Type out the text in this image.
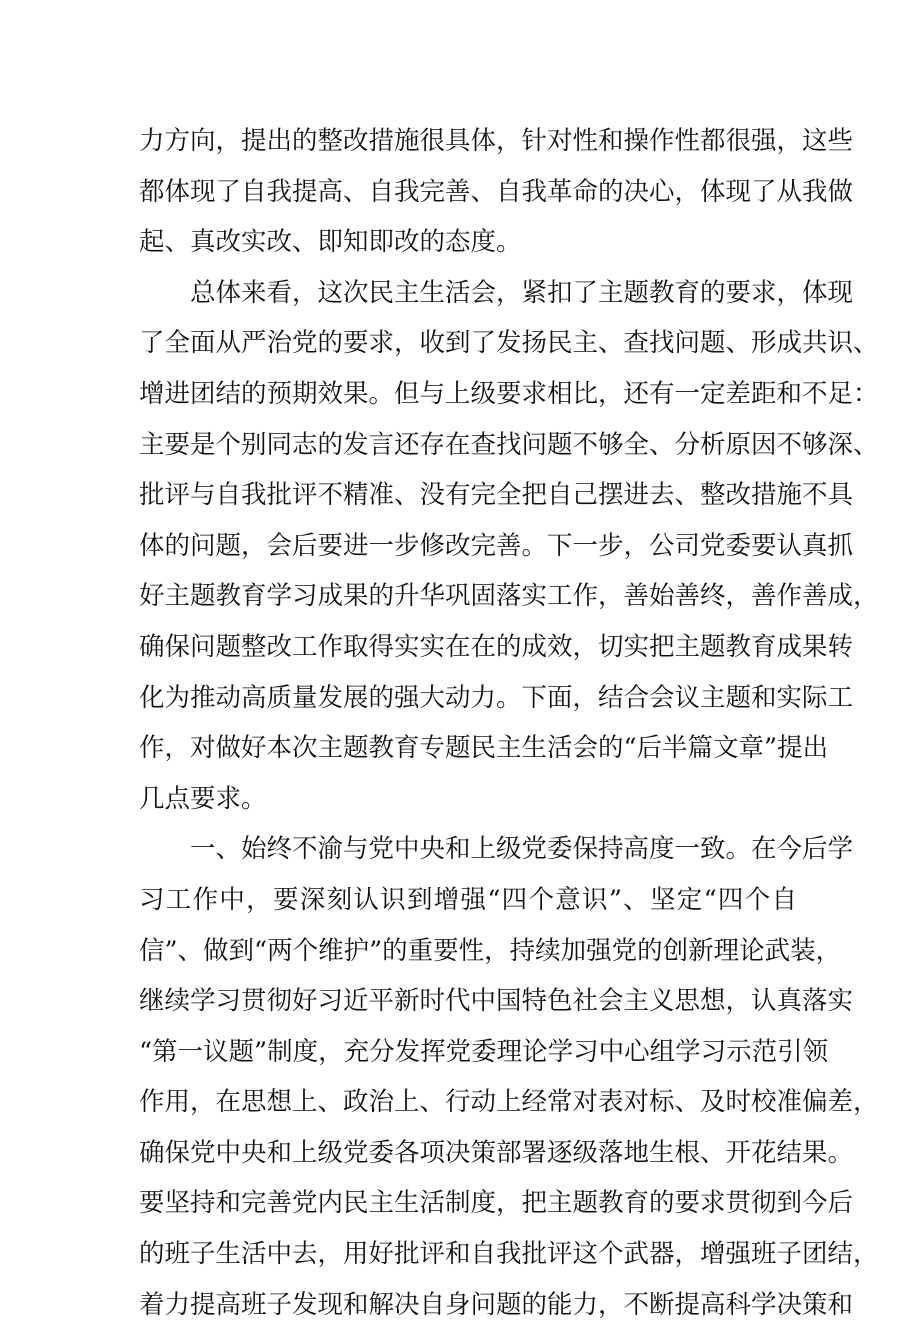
力方向，提出的整改措施很具体，针对性和操作性都很强，这些
都体现了自我提高、自我完善、自我革命的决心，体现了从我做
起、真改实改、即知即改的态度。
总体来看，这次民主生活会，紧扣了主题教育的要求，体现
了全面从严治党的要求，收到了发扬民主、查找问题、形成共识、
增进团结的预期效果。但与上级要求相比，还有一定差距和不足：
主要是个别同志的发言还存在查找问题不够全、分析原因不够深、
批评与自我批评不精准、没有完全把自己摆进去、整改措施不具
体的问题，会后要进一步修改完善。下一步，公司党委要认真抓
好主题教育学习成果的升华巩固落实工作，善始善终，善作善成，
确保问题整改工作取得实实在在的成效，切实把主题教育成果转
化为推动高质量发展的强大动力。下面，结合会议主题和实际工
作，对做好本次主题教育专题民主生活会的“后半篇文章”提出
几点要求。
一、始终不渝与党中央和上级党委保持高度一致。在今后学
习工作中，要深刻认识到增强“四个意识”、坚定“四个自
信”、做到“两个维护”的重要性，持续加强党的创新理论武装，
继续学习贯彻好习近平新时代中国特色社会主义思想，认真落实
“第一议题”制度，充分发挥党委理论学习中心组学习示范引领
作用，在思想上、政治上、行动上经常对表对标、及时校准偏差，
确保党中央和上级党委各项决策部署逐级落地生根、开花结果。
要坚持和完善党内民主生活制度，把主题教育的要求贯彻到今后
的班子生活中去，用好批评和自我批评这个武器，增强班子团结，
着力提高班子发现和解决自身问题的能力，不断提高科学决策和
